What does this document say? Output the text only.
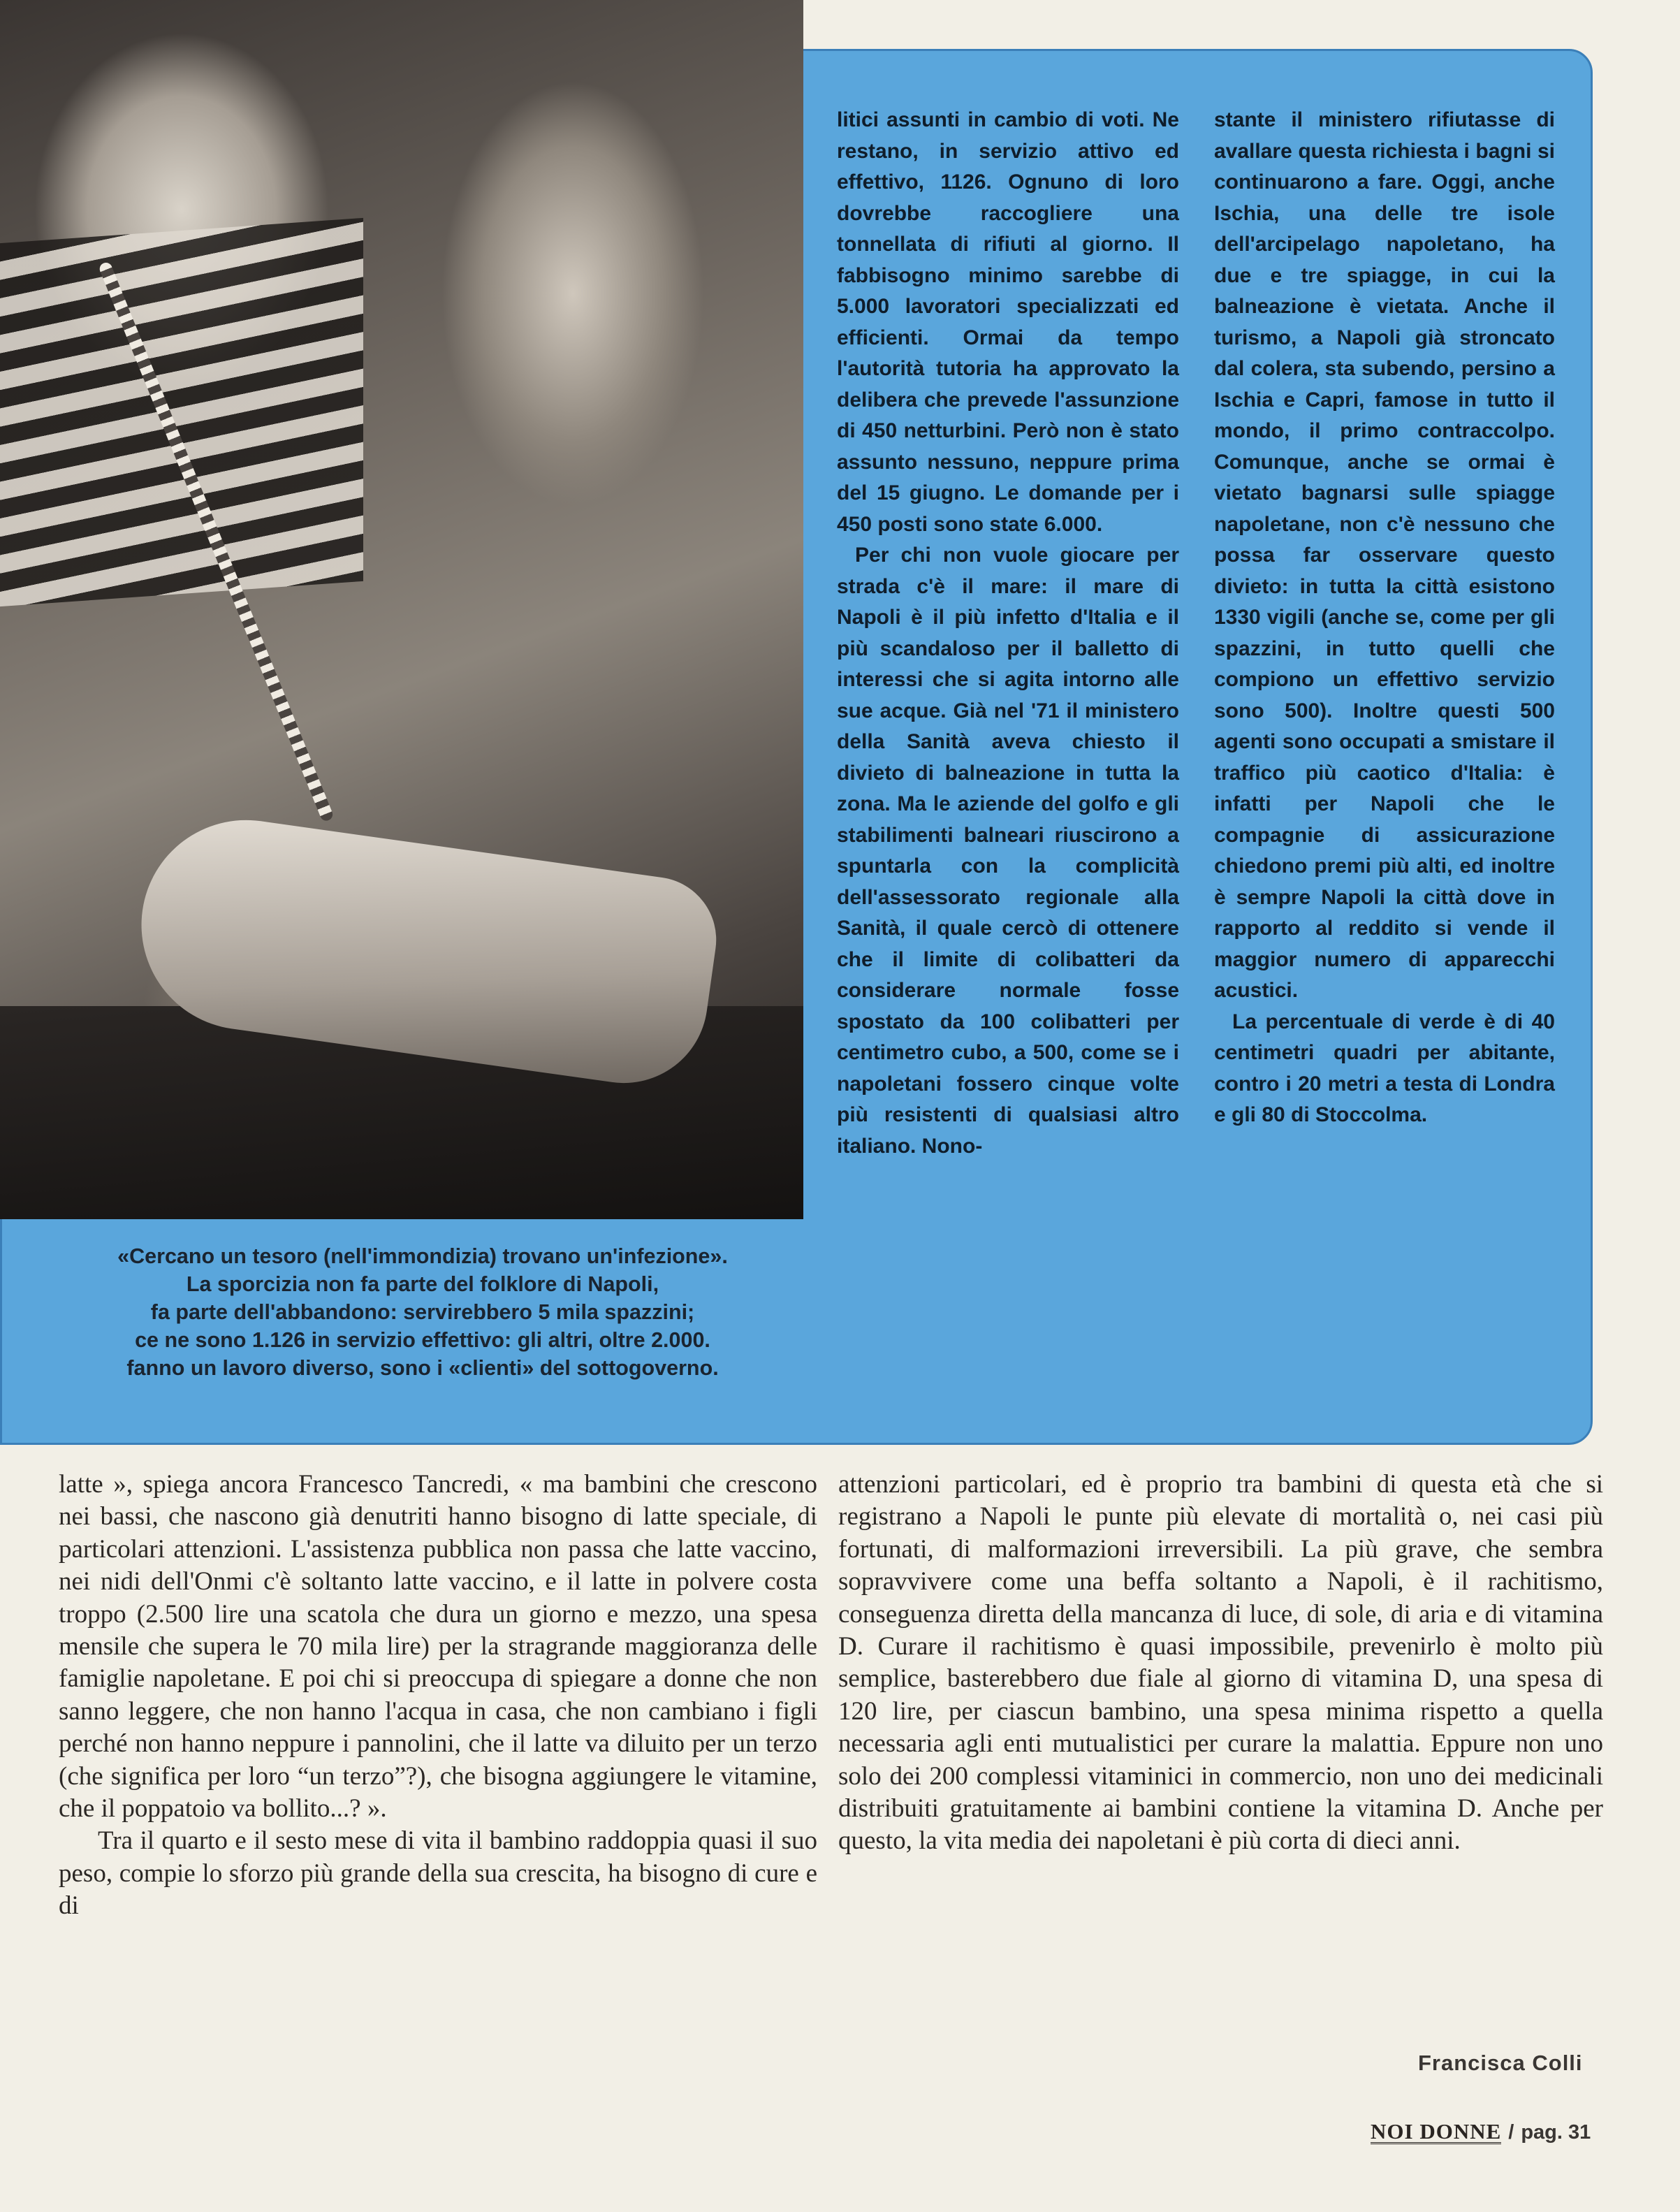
«Cercano un tesoro (nell'immondizia) trovano un'infezione».
La sporcizia non fa parte del folklore di Napoli,
fa parte dell'abbandono: servirebbero 5 mila spazzini;
ce ne sono 1.126 in servizio effettivo: gli altri, oltre 2.000.
fanno un lavoro diverso, sono i «clienti» del sottogoverno.

litici assunti in cambio di voti. Ne restano, in servizio attivo ed effettivo, 1126. Ognuno di loro dovrebbe raccogliere una tonnellata di rifiuti al giorno. Il fabbisogno minimo sarebbe di 5.000 lavoratori specializzati ed efficienti. Ormai da tempo l'autorità tutoria ha approvato la delibera che prevede l'assunzione di 450 netturbini. Però non è stato assunto nessuno, neppure prima del 15 giugno. Le domande per i 450 posti sono state 6.000.

Per chi non vuole giocare per strada c'è il mare: il mare di Napoli è il più infetto d'Italia e il più scandaloso per il balletto di interessi che si agita intorno alle sue acque. Già nel '71 il ministero della Sanità aveva chiesto il divieto di balneazione in tutta la zona. Ma le aziende del golfo e gli stabilimenti balneari riuscirono a spuntarla con la complicità dell'assessorato regionale alla Sanità, il quale cercò di ottenere che il limite di colibatteri da considerare normale fosse spostato da 100 colibatteri per centimetro cubo, a 500, come se i napoletani fossero cinque volte più resistenti di qualsiasi altro italiano. Nono-

stante il ministero rifiutasse di avallare questa richiesta i bagni si continuarono a fare. Oggi, anche Ischia, una delle tre isole dell'arcipelago napoletano, ha due e tre spiagge, in cui la balneazione è vietata. Anche il turismo, a Napoli già stroncato dal colera, sta subendo, persino a Ischia e Capri, famose in tutto il mondo, il primo contraccolpo. Comunque, anche se ormai è vietato bagnarsi sulle spiagge napoletane, non c'è nessuno che possa far osservare questo divieto: in tutta la città esistono 1330 vigili (anche se, come per gli spazzini, in tutto quelli che compiono un effettivo servizio sono 500). Inoltre questi 500 agenti sono occupati a smistare il traffico più caotico d'Italia: è infatti per Napoli che le compagnie di assicurazione chiedono premi più alti, ed inoltre è sempre Napoli la città dove in rapporto al reddito si vende il maggior numero di apparecchi acustici.

La percentuale di verde è di 40 centimetri quadri per abitante, contro i 20 metri a testa di Londra e gli 80 di Stoccolma.

latte », spiega ancora Francesco Tancredi, « ma bambini che crescono nei bassi, che nascono già denutriti hanno bisogno di latte speciale, di particolari attenzioni. L'assistenza pubblica non passa che latte vaccino, nei nidi dell'Onmi c'è soltanto latte vaccino, e il latte in polvere costa troppo (2.500 lire una scatola che dura un giorno e mezzo, una spesa mensile che supera le 70 mila lire) per la stragrande maggioranza delle famiglie napoletane. E poi chi si preoccupa di spiegare a donne che non sanno leggere, che non hanno l'acqua in casa, che non cambiano i figli perché non hanno neppure i pannolini, che il latte va diluito per un terzo (che significa per loro “un terzo”?), che bisogna aggiungere le vitamine, che il poppatoio va bollito...? ».

Tra il quarto e il sesto mese di vita il bambino raddoppia quasi il suo peso, compie lo sforzo più grande della sua crescita, ha bisogno di cure e di

attenzioni particolari, ed è proprio tra bambini di questa età che si registrano a Napoli le punte più elevate di mortalità o, nei casi più fortunati, di malformazioni irreversibili. La più grave, che sembra sopravvivere come una beffa soltanto a Napoli, è il rachitismo, conseguenza diretta della mancanza di luce, di sole, di aria e di vitamina D. Curare il rachitismo è quasi impossibile, prevenirlo è molto più semplice, basterebbero due fiale al giorno di vitamina D, una spesa di 120 lire, per ciascun bambino, una spesa minima rispetto a quella necessaria agli enti mutualistici per curare la malattia. Eppure non uno solo dei 200 complessi vitaminici in commercio, non uno dei medicinali distribuiti gratuitamente ai bambini contiene la vitamina D. Anche per questo, la vita media dei napoletani è più corta di dieci anni.

Francisca Colli
NOI DONNE / pag. 31
